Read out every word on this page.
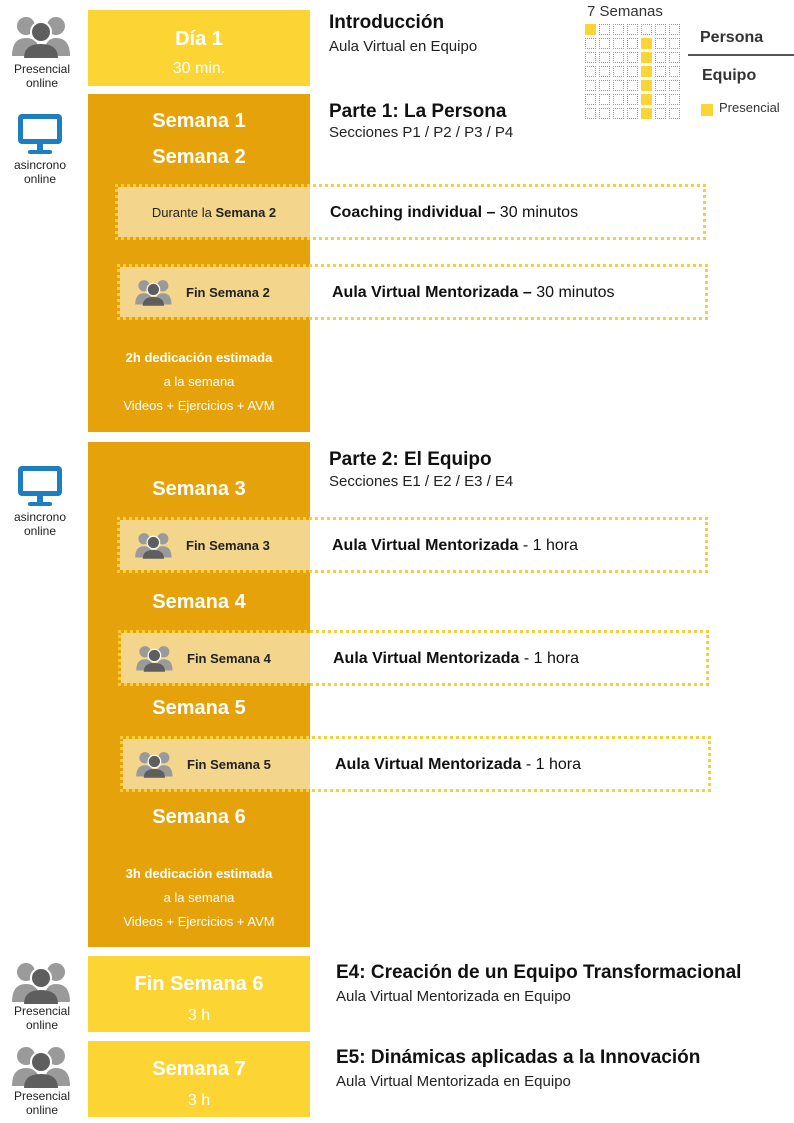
Presencial
online
asincrono
online
asincrono
online
Presencial
online
Presencial
online
Día 1
30 min.
Introducción
Aula Virtual en Equipo
7 Semanas
Persona
Equipo
Presencial
Semana 1
Semana 2
2h dedicación estimada
a la semana
Videos + Ejercicios + AVM
Parte 1: La Persona
Secciones P1 / P2 / P3 / P4
Durante la
Semana 2	Coaching individual – 30 minutos
Fin Semana 2	Aula Virtual Mentorizada – 30 minutos
Semana 3
Semana 4
Semana 5
Semana 6
3h dedicación estimada
a la semana
Videos + Ejercicios + AVM
Parte 2: El Equipo
Secciones E1 / E2 / E3 / E4
Fin Semana 3	Aula Virtual Mentorizada - 1 hora
Fin Semana 4	Aula Virtual Mentorizada - 1 hora
Fin Semana 5	Aula Virtual Mentorizada - 1 hora
Fin Semana 6
3 h
E4: Creación de un Equipo Transformacional
Aula Virtual Mentorizada en Equipo
Semana 7
3 h
E5: Dinámicas aplicadas a la Innovación
Aula Virtual Mentorizada en Equipo
